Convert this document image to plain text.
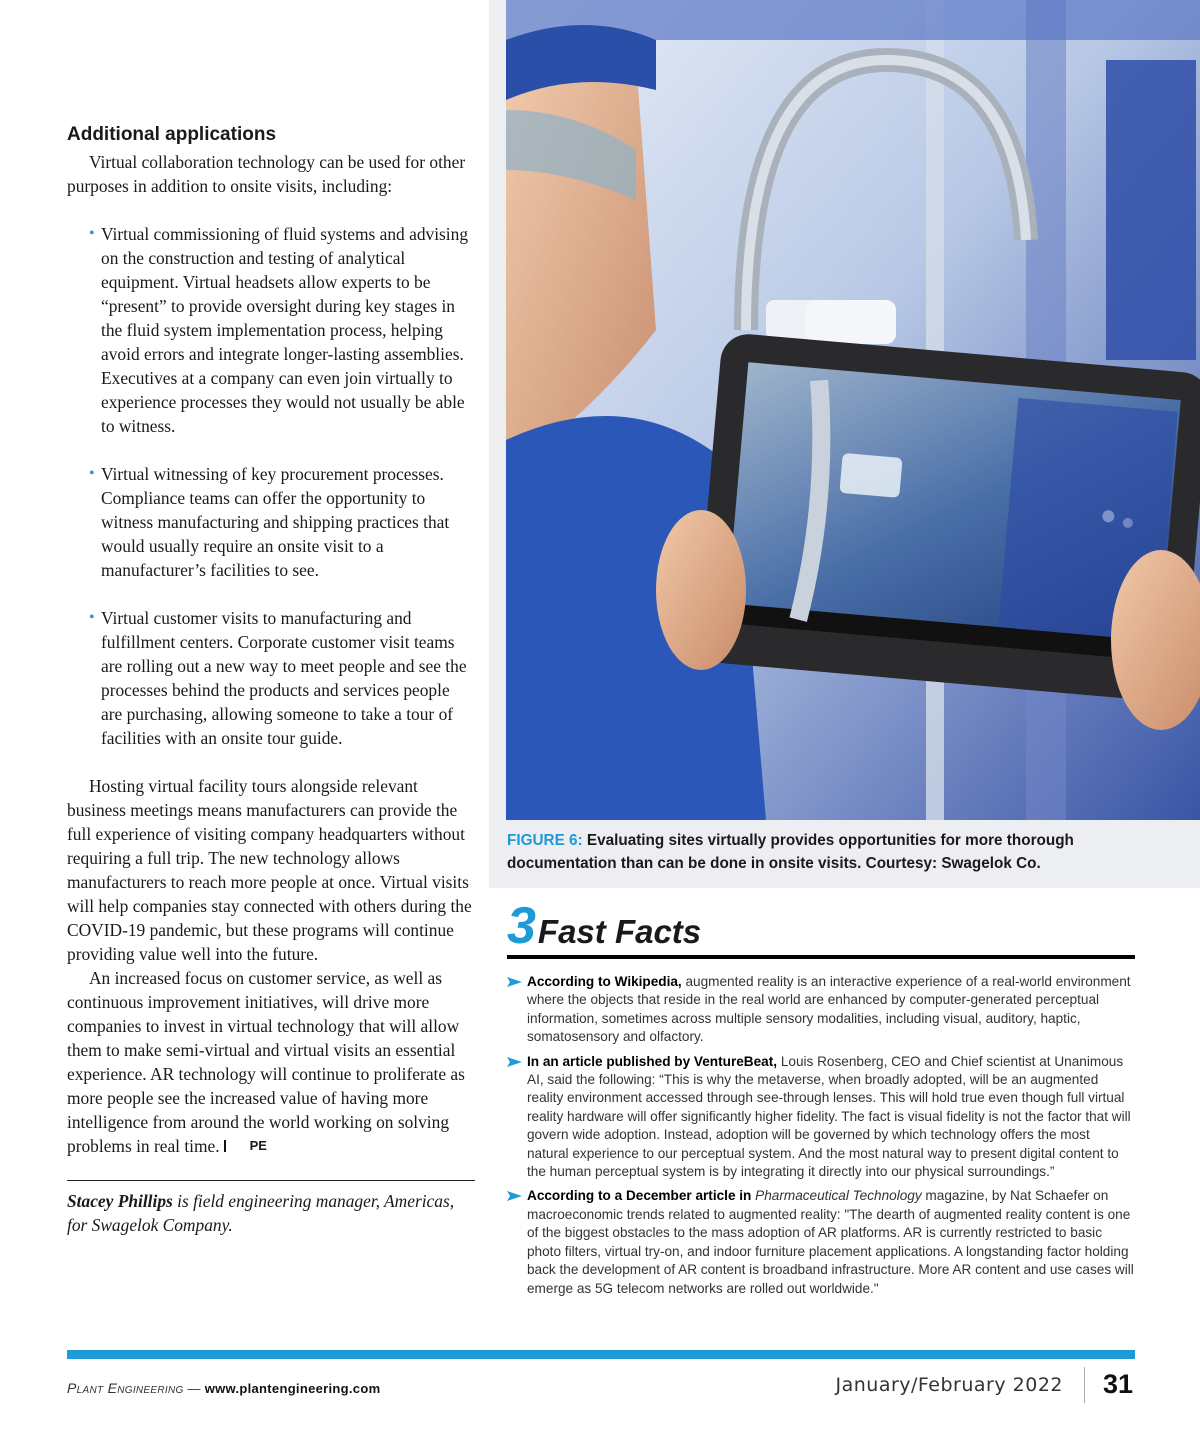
Additional applications

Virtual collaboration technology can be used for other purposes in addition to onsite visits, including:

• Virtual commissioning of fluid systems and advising on the construction and testing of analytical equipment. Virtual headsets allow experts to be “present” to provide oversight during key stages in the fluid system implementation process, helping avoid errors and integrate longer-lasting assemblies. Executives at a company can even join virtually to experience processes they would not usually be able to witness.
• Virtual witnessing of key procurement processes. Compliance teams can offer the opportunity to witness manufacturing and shipping practices that would usually require an onsite visit to a manufacturer’s facilities to see.
• Virtual customer visits to manufacturing and fulfillment centers. Corporate customer visit teams are rolling out a new way to meet people and see the processes behind the products and services people are purchasing, allowing someone to take a tour of facilities with an onsite tour guide.

Hosting virtual facility tours alongside relevant business meetings means manufacturers can provide the full experience of visiting company headquarters without requiring a full trip. The new technology allows manufacturers to reach more people at once. Virtual visits will help companies stay connected with others during the COVID-19 pandemic, but these programs will continue providing value well into the future.

An increased focus on customer service, as well as continuous improvement initiatives, will drive more companies to invest in virtual technology that will allow them to make semi-virtual and virtual visits an essential experience. AR technology will continue to proliferate as more people see the increased value of having more intelligence from around the world working on solving problems in real time. PE

Stacey Phillips is field engineering manager, Americas, for Swagelok Company.

FIGURE 6: Evaluating sites virtually provides opportunities for more thorough documentation than can be done in onsite visits. Courtesy: Swagelok Co.
3 Fast Facts
According to Wikipedia, augmented reality is an interactive experience of a real-world environment where the objects that reside in the real world are enhanced by computer-generated perceptual information, sometimes across multiple sensory modalities, including visual, auditory, haptic, somatosensory and olfactory.
In an article published by VentureBeat, Louis Rosenberg, CEO and Chief scientist at Unanimous AI, said the following: “This is why the metaverse, when broadly adopted, will be an augmented reality environment accessed through see-through lenses. This will hold true even though full virtual reality hardware will offer significantly higher fidelity. The fact is visual fidelity is not the factor that will govern wide adoption. Instead, adoption will be governed by which technology offers the most natural experience to our perceptual system. And the most natural way to present digital content to the human perceptual system is by integrating it directly into our physical surroundings.”
According to a December article in Pharmaceutical Technology magazine, by Nat Schaefer on macroeconomic trends related to augmented reality: "The dearth of augmented reality content is one of the biggest obstacles to the mass adoption of AR platforms. AR is currently restricted to basic photo filters, virtual try-on, and indoor furniture placement applications. A longstanding factor holding back the development of AR content is broadband infrastructure. More AR content and use cases will emerge as 5G telecom networks are rolled out worldwide."
Plant Engineering — www.plantengineering.com	January/February 2022 31
